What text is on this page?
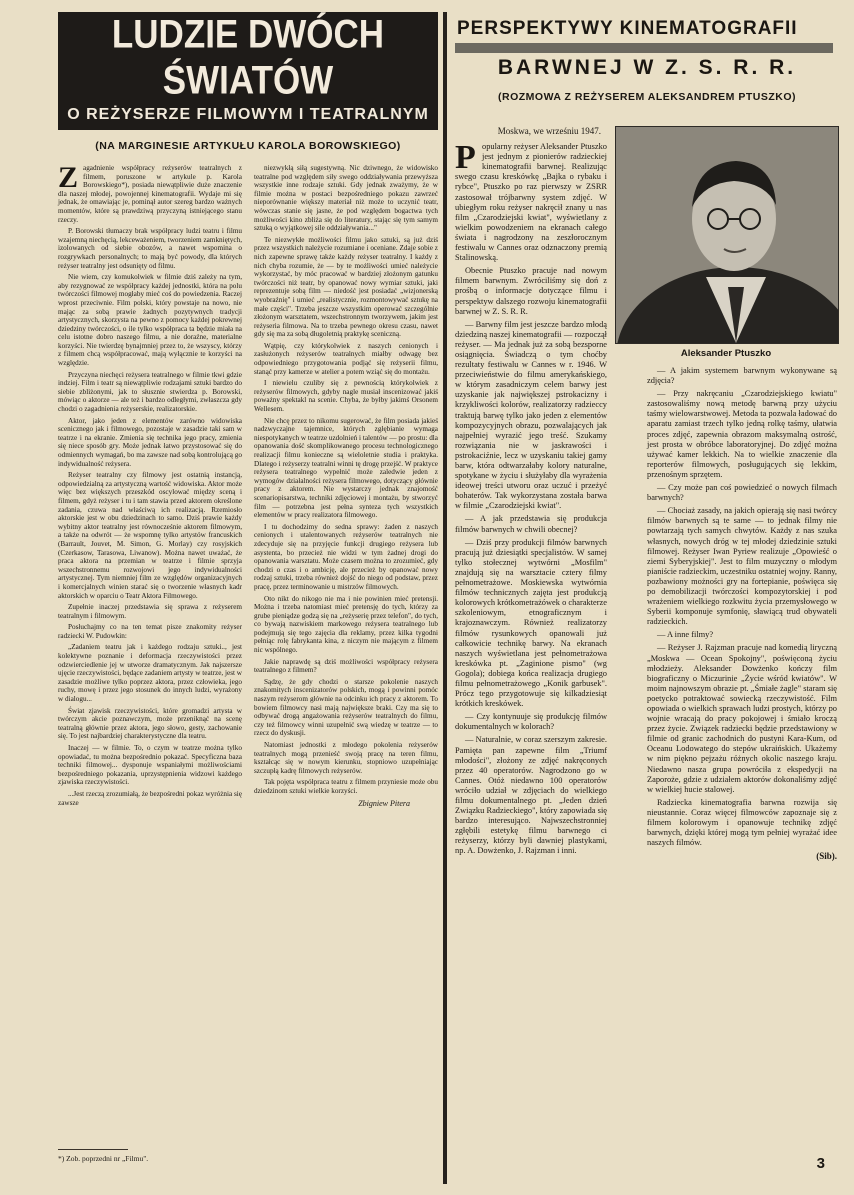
LUDZIE DWÓCH ŚWIATÓW
O REŻYSERZE FILMOWYM I TEATRALNYM
(NA MARGINESIE ARTYKUŁU KAROLA BOROWSKIEGO)
Z agadnienie współpracy reżyserów teatralnych z filmem, poruszone w artykule p. Karola Borowskiego*), posiada niewątpliwie duże znaczenie dla naszej młodej, powojennej kinematografii. Wydaje mi się jednak, że omawiając je, pominął autor szereg bardzo ważnych momentów, które są prawdziwą przyczyną istniejącego stanu rzeczy.

P. Borowski tłumaczy brak współpracy ludzi teatru i filmu wzajemną niechęcią, lekceważeniem, tworzeniem zamkniętych, izolowanych od siebie obozów, a nawet wspomina o rozgrywkach personalnych; to mają być powody, dla których reżyser teatralny jest odsunięty od filmu.

Nie wiem, czy komukolwiek w filmie dziś zależy na tym, aby rezygnować ze współpracy każdej jednostki, która na polu twórczości filmowej mogłaby mieć coś do powiedzenia. Raczej wprost przeciwnie. Film polski, który powstaje na nowo, nie mając za sobą prawie żadnych pozytywnych tradycji artystycznych, skorzysta na pewno z pomocy każdej pokrewnej dziedziny twórczości, o ile tylko współpraca ta będzie miała na celu istotne dobro naszego filmu, a nie doraźne, materialne korzyści. Nie twierdzę bynajmniej przez to, że wszyscy, którzy z filmem chcą współpracować, mają wyłącznie te korzyści na względzie.

Przyczyna niechęci reżysera teatralnego w filmie tkwi gdzie indziej. Film i teatr są niewątpliwie rodzajami sztuki bardzo do siebie zbliżonymi, jak to słusznie stwierdza p. Borowski, mówiąc o aktorze — ale też i bardzo odległymi, zwłaszcza gdy chodzi o zagadnienia reżyserskie, realizatorskie.

Aktor, jako jeden z elementów zarówno widowiska scenicznego jak i filmowego, pozostaje w zasadzie taki sam w teatrze i na ekranie. Zmienia się technika jego pracy, zmienia się niece sposób gry. Może jednak łatwo przystosować się do odmiennych wymagań, bo ma zawsze nad sobą kontrolującą go indywidualność reżysera.

Reżyser teatralny czy filmowy jest ostatnią instancją, odpowiedzialną za artystyczną wartość widowiska. Aktor może więc bez większych przeszkód oscylować między sceną i filmem, gdyż reżyser i tu i tam stawia przed aktorem określone zadania, czuwa nad właściwą ich realizacją. Rzemiosło aktorskie jest w obu dziedzinach to samo. Dziś prawie każdy wybitny aktor teatralny jest równocześnie aktorem filmowym, a także na odwrót — że wspomnę tylko artystów francuskich (Barrault, Jouvet, M. Simon, G. Morlay) czy rosyjskich (Czerkasow, Tarasowa, Liwanow). Można nawet uważać, że praca aktora na przemian w teatrze i filmie sprzyja wszechstronnemu rozwojowi jego indywidualności artystycznej. Tym niemniej film ze względów organizacyjnych i komercjalnych winien starać się o tworzenie własnych kadr aktorskich w oparciu o Teatr Aktora Filmowego.

Zupełnie inaczej przedstawia się sprawa z reżyserem teatralnym i filmowym.

Posłuchajmy co na ten temat pisze znakomity reżyser radziecki W. Pudowkin:

„Zadaniem teatru jak i każdego rodzaju sztuki.., jest kolektywne poznanie i deformacja rzeczywistości przez odzwierciedlenie jej w utworze dramatycznym. Jak najszersze ujęcie rzeczywistości, będące zadaniem artysty w teatrze, jest w zasadzie możliwe tylko poprzez aktora, przez człowieka, jego ruchy, mowę i przez jego stosunek do innych ludzi, wyrażony w dialogu...

Świat zjawisk rzeczywistości, które gromadzi artysta w twórczym akcie poznawczym, może przeniknąć na scenę teatralną głównie przez aktora, jego słowo, gesty, zachowanie się. To jest najbardziej charakterystyczne dla teatru.

Inaczej — w filmie. To, o czym w teatrze można tylko opowiadać, tu można bezpośrednio pokazać. Specyficzna baza techniki filmowej... dysponuje wspaniałymi możliwościami bezpośredniego pokazania, uprzystępnienia widzowi każdego zjawiska rzeczywistości.

...Jest rzeczą zrozumiałą, że bezpośredni pokaz wyróżnia się zawsze

niezwykłą siłą sugestywną. Nic dziwnego, że widowisko teatralne pod względem siły swego oddziaływania przewyższa wszystkie inne rodzaje sztuki. Gdy jednak zważymy, że w filmie można w postaci bezpośredniego pokazu zawrzeć nieporównanie większy materiał niż może to uczynić teatr, wówczas stanie się jasne, że pod względem bogactwa tych możliwości kino zbliża się do literatury, stając się tym samym sztuką o wyjątkowej sile oddziaływania..."

Te niezwykłe możliwości filmu jako sztuki, są już dziś przez wszystkich należycie rozumiane i oceniane. Zdaje sobie z nich zapewne sprawę także każdy reżyser teatralny. I każdy z nich chyba rozumie, że — by te możliwości umieć należycie wykorzystać, by móc pracować w bardziej złożonym gatunku twórczości niż teatr, by opanować nowy wymiar sztuki, jaki reprezentuje sobą film — niedość jest posiadać „wizjonerską wyobraźnię" i umieć „realistycznie, rozmontowywać sztukę na małe części". Trzeba jeszcze wszystkim operować szczególnie złożonym warsztatem, wszechstronnym tworzywem, jakim jest reżyseria filmowa. Na to trzeba pewnego okresu czasu, nawet gdy się ma za sobą długoletnią praktykę sceniczną.

Wątpię, czy którykolwiek z naszych cenionych i zasłużonych reżyserów teatralnych miałby odwagę bez odpowiedniego przygotowania podjąć się reżyserii filmu, stanąć przy kamerze w atelier a potem wziąć się do montażu.

I niewielu czuliby się z pewnością którykolwiek z reżyserów filmowych, gdyby nagle musiał inscenizować jakiś poważny spektakl na scenie. Chyba, że byłby jakimś Orsonem Wellesem.

Nie chcę przez to nikomu sugerować, że film posiada jakieś nadzwyczajne tajemnice, których zgłębianie wymaga niespotykanych w teatrze uzdolnień i talentów — po prostu: dla opanowania dość skomplikowanego procesu technologicznego realizacji filmu konieczne są wieloletnie studia i praktyka. Dlatego i reżyserzy teatralni winni tę drogę przejść. W praktyce reżysera teatralnego wypełnić może zaledwie jeden z wymogów działalności reżysera filmowego, dotyczący głównie pracy z aktorem. Nie wystarczy jednak znajomość scenariopisarstwa, techniki zdjęciowej i montażu, by stworzyć film — potrzebna jest pełna synteza tych wszystkich elementów w pracy realizatora filmowego.

I tu dochodzimy do sedna sprawy: żaden z naszych cenionych i utalentowanych reżyserów teatralnych nie zdecyduje się na przyjęcie funkcji drugiego reżysera lub asystenta, bo przecież nie widzi w tym żadnej drogi do opanowania warsztatu. Może czasem można to zrozumieć, gdy chodzi o czas i o ambicję, ale przecież by opanować nowy rodzaj sztuki, trzeba również dojść do niego od podstaw, przez pracę, przez terminowanie u mistrzów filmowych.

Oto nikt do nikogo nie ma i nie powinien mieć pretensji. Można i trzeba natomiast mieć pretensję do tych, którzy za grube pieniądze godzą się na „reżyserię przez telefon", do tych, co bywają nazwiskiem markowego reżysera teatralnego lub podejmują się tego zajęcia dla reklamy, przez kilka tygodni pełniąc rolę fabrykanta kina, z niczym nie mającym z filmem nic wspólnego.

Jakie naprawdę są dziś możliwości współpracy reżysera teatralnego z filmem?

Sądzę, że gdy chodzi o starsze pokolenie naszych znakomitych inscenizatorów polskich, mogą i powinni pomóc naszym reżyserom głównie na odcinku ich pracy z aktorem. To bowiem filmowcy nasi mają największe braki. Czy ma się to odbywać drogą angażowania reżyserów teatralnych do filmu, czy też filmowcy winni uzupełnić swą wiedzę w teatrze — to rzecz do dyskusji.

Natomiast jednostki z młodego pokolenia reżyserów teatralnych mogą przenieść swoją pracę na teren filmu, kształcąc się w nowym kierunku, stopniowo uzupełniając szczupłą kadrę filmowych reżyserów.

Tak pojęta współpraca teatru z filmem przyniesie może obu dziedzinom sztuki wielkie korzyści.

Zbigniew Pitera
*) Zob. poprzedni nr „Filmu".
PERSPEKTYWY KINEMATOGRAFII
BARWNEJ W Z. S. R. R.
(ROZMOWA Z REŻYSEREM ALEKSANDREM PTUSZKO)
Moskwa, we wrześniu 1947.
P opularny reżyser Aleksander Ptuszko jest jednym z pionierów radzieckiej kinematografii barwnej. Realizując swego czasu kreskówkę „Bajka o rybaku i rybce", Ptuszko po raz pierwszy w ZSRR zastosował trójbarwny system zdjęć. W ubiegłym roku reżyser nakręcił znany u nas film „Czarodziejski kwiat", wyświetlany z wielkim powodzeniem na ekranach całego świata i nagrodzony na zeszłorocznym festiwalu w Cannes oraz odznaczony premią Stalinowską.

Obecnie Ptuszko pracuje nad nowym filmem barwnym. Zwróciliśmy się doń z prośbą o informacje dotyczące filmu i perspektyw dalszego rozwoju kinematografii barwnej w Z. S. R. R.

— Barwny film jest jeszcze bardzo młodą dziedziną naszej kinematografii — rozpoczął reżyser. — Ma jednak już za sobą bezsporne osiągnięcia. Świadczą o tym choćby rezultaty festiwalu w Cannes w r. 1946. W przeciwieństwie do filmu amerykańskiego, w którym zasadniczym celem barwy jest uzyskanie jak największej pstrokacizny i krzykliwości kolorów, realizatorzy radzieccy traktują barwę tylko jako jeden z elementów kompozycyjnych obrazu, pozwalających jak najpełniej wyrazić jego treść. Szukamy rozwiązania nie w jaskrawości i pstrokaciźnie, lecz w uzyskaniu takiej gamy barw, która odtwarzałaby kolory naturalne, spotykane w życiu i służyłaby dla wyrażenia ideowej treści utworu oraz uczuć i przeżyć bohaterów. Tak wykorzystana została barwa w filmie „Czarodziejski kwiat".

— A jak przedstawia się produkcja filmów barwnych w chwili obecnej?

— Dziś przy produkcji filmów barwnych pracują już dziesiątki specjalistów. W samej tylko stołecznej wytwórni „Mosfilm" znajdują się na warsztacie cztery filmy pełnometrażowe. Moskiewska wytwórnia filmów technicznych zajęta jest produkcją kolorowych krótkometrażówek o charakterze szkoleniowym, etnograficznym i krajoznawczym. Również realizatorzy filmów rysunkowych opanowali już całkowicie technikę barwy. Na ekranach naszych wyświetlana jest pełnometrażowa kreskówka pt. „Zaginione pismo" (wg Gogola); dobiega końca realizacja drugiego filmu pełnometrażowego „Konik garbusek". Prócz tego przygotowuje się kilkadziesiąt krótkich kreskówek.

— Czy kontynuuje się produkcję filmów dokumentalnych w kolorach?

— Naturalnie, w coraz szerszym zakresie. Pamięta pan zapewne film „Triumf młodości", złożony ze zdjęć nakręconych przez 40 operatorów. Nagrodzono go w Cannes. Otóż niedawno 100 operatorów wróciło udział w zdjęciach do wielkiego filmu dokumentalnego pt. „Jeden dzień Związku Radzieckiego", który zapowiada się bardzo interesująco. Najwszechstronniej zgłębili estetykę filmu barwnego ci reżyserzy, którzy byli dawniej plastykami, np. A. Dowżenko, J. Rajzman i inni.

Aleksander Ptuszko

— A jakim systemem barwnym wykonywane są zdjęcia?

— Przy nakręcaniu „Czarodziejskiego kwiatu" zastosowaliśmy nową metodę barwną przy użyciu taśmy wielowarstwowej. Metoda ta pozwala ładować do aparatu zamiast trzech tylko jedną rolkę taśmy, ułatwia proces zdjęć, zapewnia obrazom maksymalną ostrość, jest prosta w obróbce laboratoryjnej. Do zdjęć można używać kamer lekkich. Na to wielkie znaczenie dla reporterów filmowych, posługujących się lekkim, przenośnym sprzętem.

— Czy może pan coś powiedzieć o nowych filmach barwnych?

— Chociaż zasady, na jakich opierają się nasi twórcy filmów barwnych są te same — to jednak filmy nie powtarzają tych samych chwytów. Każdy z nas szuka własnych, nowych dróg w tej młodej dziedzinie sztuki filmowej. Reżyser Iwan Pyriew realizuje „Opowieść o ziemi Syberyjskiej". Jest to film muzyczny o młodym pianiście radzieckim, uczestniku ostatniej wojny. Ranny, pozbawiony możności gry na fortepianie, poświęca się po demobilizacji twórczości kompozytorskiej i pod wrażeniem wielkiego rozkwitu życia przemysłowego w Syberii komponuje symfonię, sławiącą trud obywateli radzieckich.

— A inne filmy?

— Reżyser J. Rajzman pracuje nad komedią liryczną „Moskwa — Ocean Spokojny", poświęconą życiu młodzieży. Aleksander Dowżenko kończy film biograficzny o Miczurinie „Życie wśród kwiatów". W moim najnowszym obrazie pt. „Śmiałe żagle" staram się poetycko potraktować sowiecką rzeczywistość. Film opowiada o wielkich sprawach ludzi prostych, którzy po wojnie wracają do pracy pokojowej i śmiało kroczą przez życie. Związek radziecki będzie przedstawiony w filmie od granic zachodnich do pustyni Kara-Kum, od Oceanu Lodowatego do stepów ukraińskich. Ukażemy w nim piękno pejzażu różnych okolic naszego kraju. Niedawno nasza grupa powróciła z ekspedycji na Zaporoże, gdzie z udziałem aktorów dokonaliśmy zdjęć w wielkiej hucie stalowej.

Radziecka kinematografia barwna rozwija się nieustannie. Coraz więcej filmowców zapoznaje się z filmem kolorowym i opanowuje technikę zdjęć barwnych, dzięki której mogą tym pełniej wyrażać idee naszych filmów.

(Sib).
3
